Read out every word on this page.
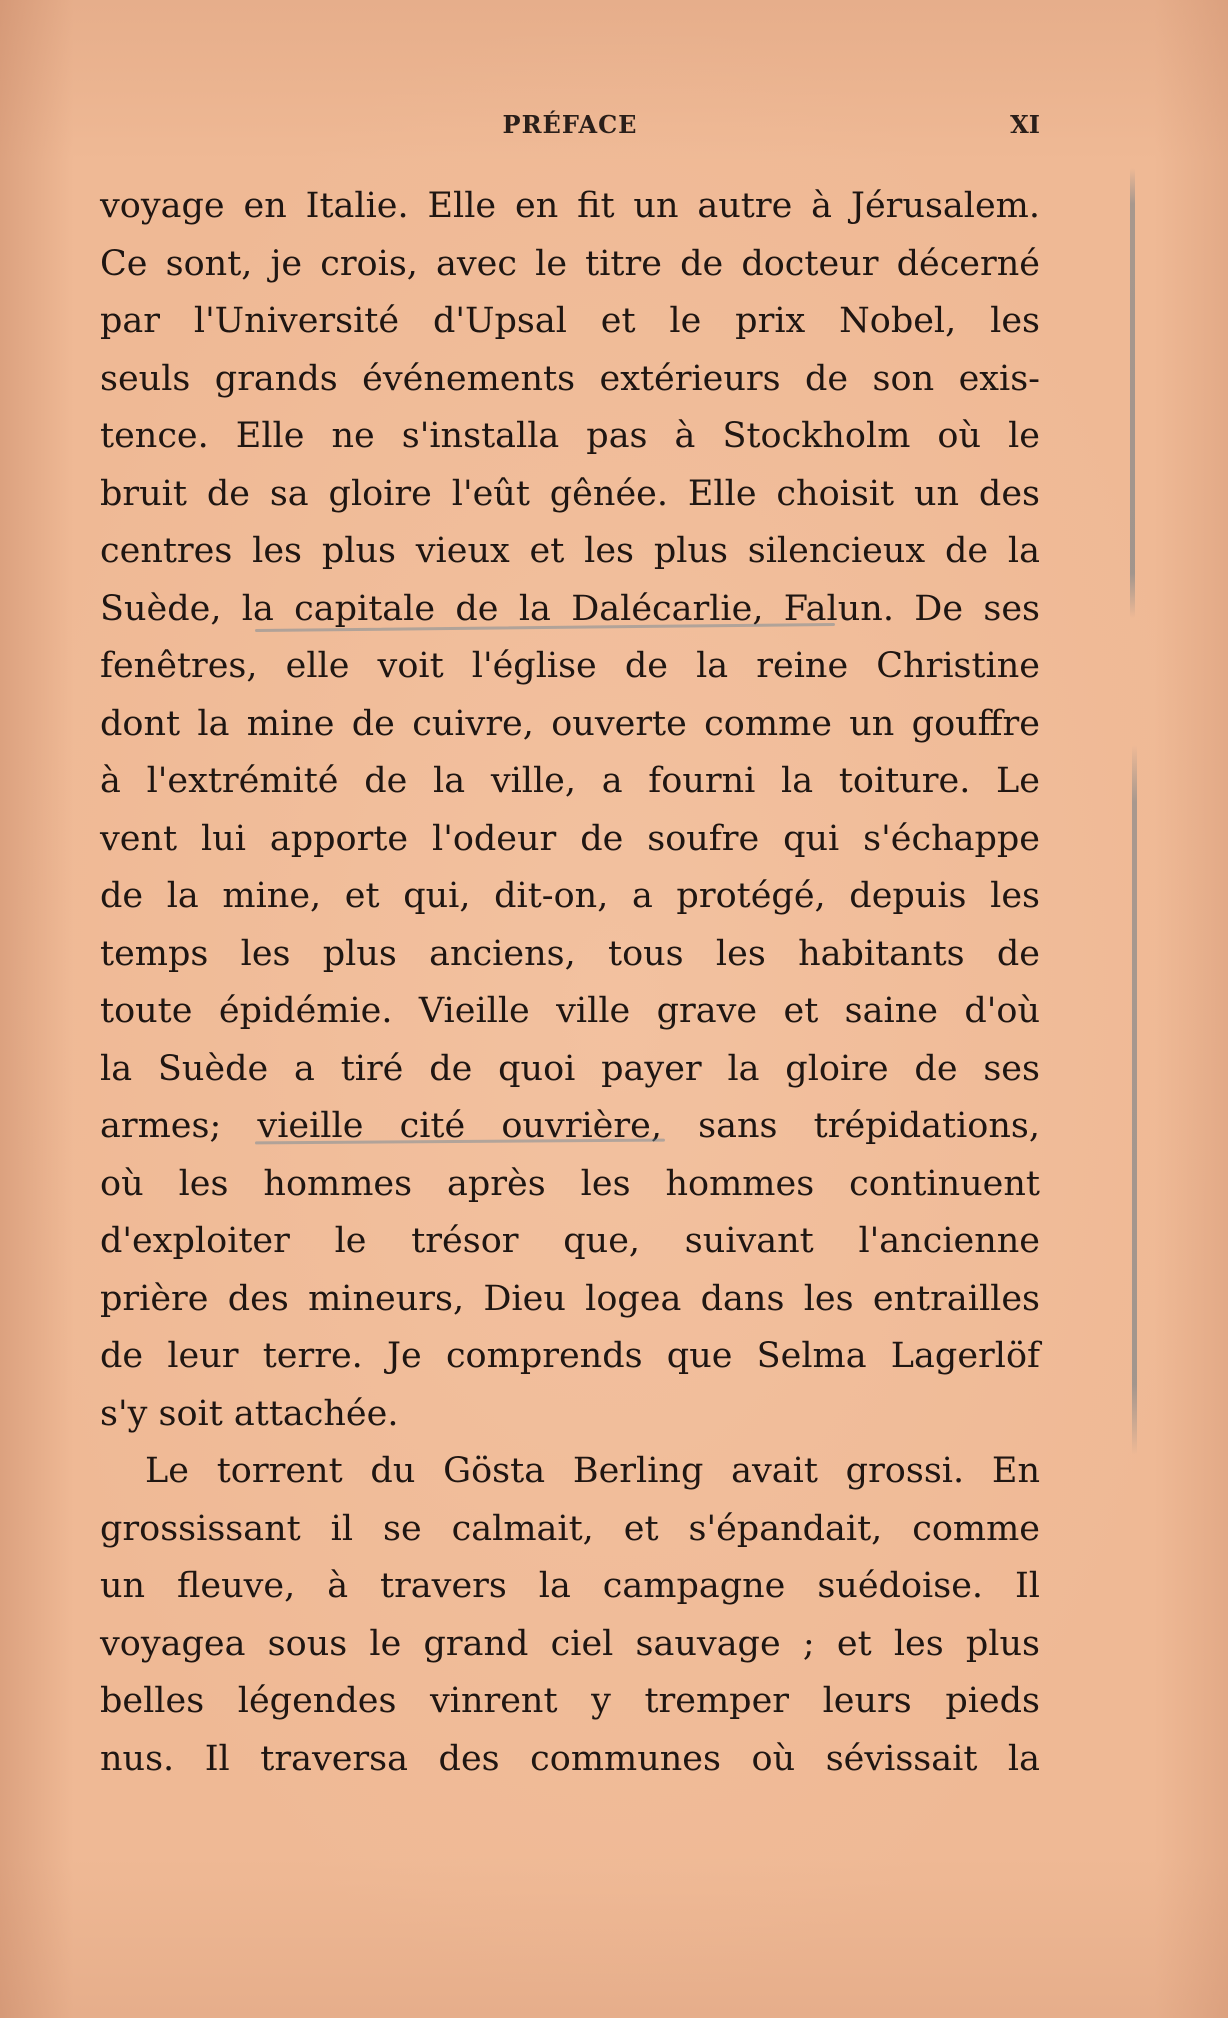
PRÉFACE	XI
voyage en Italie. Elle en fit un autre à Jérusalem.
Ce sont, je crois, avec le titre de docteur décerné
par l'Université d'Upsal et le prix Nobel, les
seuls grands événements extérieurs de son exis-
tence. Elle ne s'installa pas à Stockholm où le
bruit de sa gloire l'eût gênée. Elle choisit un des
centres les plus vieux et les plus silencieux de la
Suède, la capitale de la Dalécarlie, Falun. De ses
fenêtres, elle voit l'église de la reine Christine
dont la mine de cuivre, ouverte comme un gouffre
à l'extrémité de la ville, a fourni la toiture. Le
vent lui apporte l'odeur de soufre qui s'échappe
de la mine, et qui, dit-on, a protégé, depuis les
temps les plus anciens, tous les habitants de
toute épidémie. Vieille ville grave et saine d'où
la Suède a tiré de quoi payer la gloire de ses
armes; vieille cité ouvrière, sans trépidations,
où les hommes après les hommes continuent
d'exploiter le trésor que, suivant l'ancienne
prière des mineurs, Dieu logea dans les entrailles
de leur terre. Je comprends que Selma Lagerlöf
s'y soit attachée.
Le torrent du Gösta Berling avait grossi. En
grossissant il se calmait, et s'épandait, comme
un fleuve, à travers la campagne suédoise. Il
voyagea sous le grand ciel sauvage ; et les plus
belles légendes vinrent y tremper leurs pieds
nus. Il traversa des communes où sévissait la
